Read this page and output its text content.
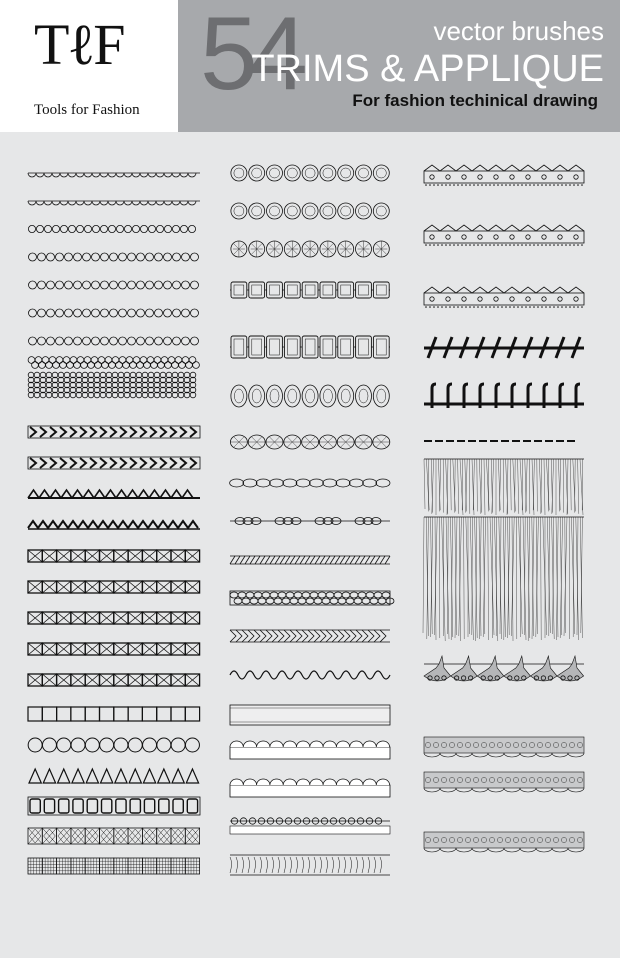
TℓF
Tools for Fashion 54	vector brushes
TRIMS & APPLIQUE
For fashion techinical drawing
